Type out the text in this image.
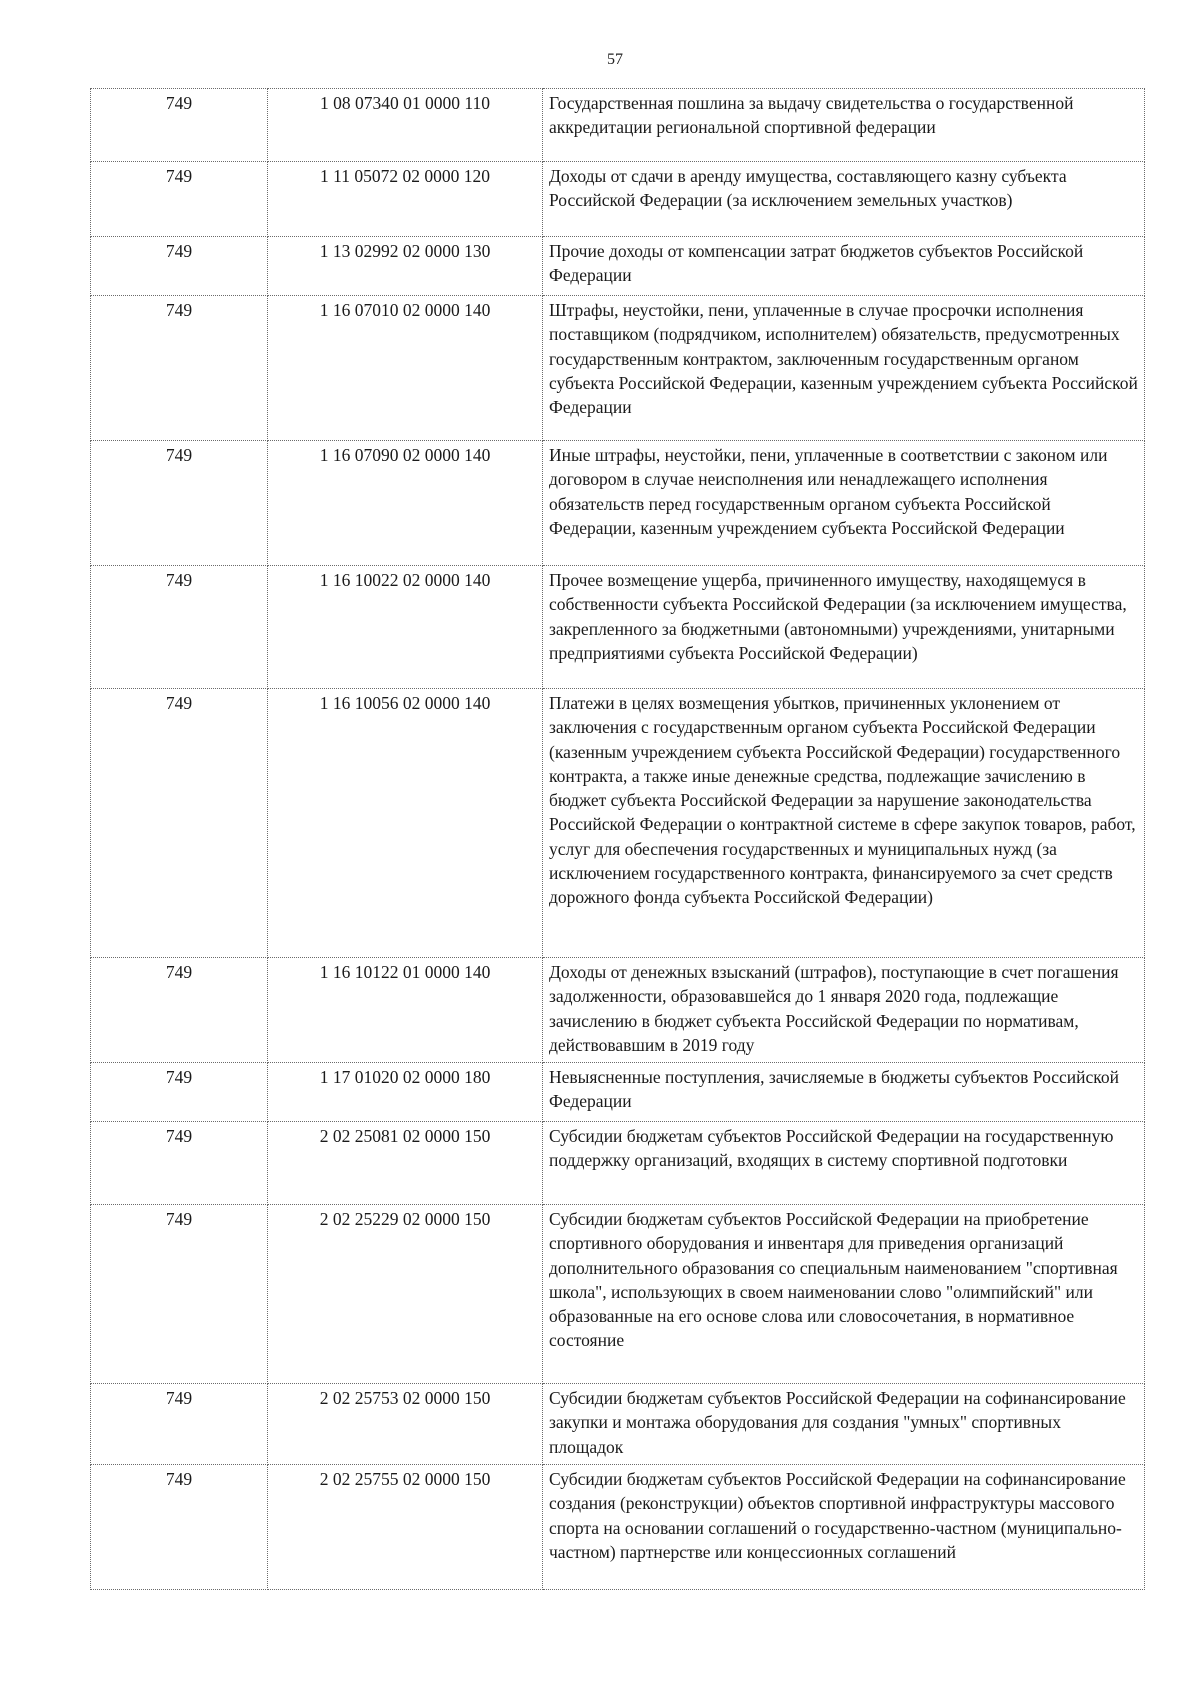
57
749	1 08 07340 01 0000 110	Государственная пошлина за выдачу свидетельства о государственной аккредитации региональной спортивной федерации
749	1 11 05072 02 0000 120	Доходы от сдачи в аренду имущества, составляющего казну субъекта Российской Федерации (за исключением земельных участков)
749	1 13 02992 02 0000 130	Прочие доходы от компенсации затрат бюджетов субъектов Российской Федерации
749	1 16 07010 02 0000 140	Штрафы, неустойки, пени, уплаченные в случае просрочки исполнения поставщиком (подрядчиком, исполнителем) обязательств, предусмотренных государственным контрактом, заключенным государственным органом субъекта Российской Федерации, казенным учреждением субъекта Российской Федерации
749	1 16 07090 02 0000 140	Иные штрафы, неустойки, пени, уплаченные в соответствии с законом или договором в случае неисполнения или ненадлежащего исполнения обязательств перед государственным органом субъекта Российской Федерации, казенным учреждением субъекта Российской Федерации
749	1 16 10022 02 0000 140	Прочее возмещение ущерба, причиненного имуществу, находящемуся в собственности субъекта Российской Федерации (за исключением имущества, закрепленного за бюджетными (автономными) учреждениями, унитарными предприятиями субъекта Российской Федерации)
749	1 16 10056 02 0000 140	Платежи в целях возмещения убытков, причиненных уклонением от заключения с государственным органом субъекта Российской Федерации (казенным учреждением субъекта Российской Федерации) государственного контракта, а также иные денежные средства, подлежащие зачислению в бюджет субъекта Российской Федерации за нарушение законодательства Российской Федерации о контрактной системе в сфере закупок товаров, работ, услуг для обеспечения государственных и муниципальных нужд (за исключением государственного контракта, финансируемого за счет средств дорожного фонда субъекта Российской Федерации)
749	1 16 10122 01 0000 140	Доходы от денежных взысканий (штрафов), поступающие в счет погашения задолженности, образовавшейся до 1 января 2020 года, подлежащие зачислению в бюджет субъекта Российской Федерации по нормативам, действовавшим в 2019 году
749	1 17 01020 02 0000 180	Невыясненные поступления, зачисляемые в бюджеты субъектов Российской Федерации
749	2 02 25081 02 0000 150	Субсидии бюджетам субъектов Российской Федерации на государственную поддержку организаций, входящих в систему спортивной подготовки
749	2 02 25229 02 0000 150	Субсидии бюджетам субъектов Российской Федерации на приобретение спортивного оборудования и инвентаря для приведения организаций дополнительного образования со специальным наименованием "спортивная школа", использующих в своем наименовании слово "олимпийский" или образованные на его основе слова или словосочетания, в нормативное состояние
749	2 02 25753 02 0000 150	Субсидии бюджетам субъектов Российской Федерации на софинансирование закупки и монтажа оборудования для создания "умных" спортивных площадок
749	2 02 25755 02 0000 150	Субсидии бюджетам субъектов Российской Федерации на софинансирование создания (реконструкции) объектов спортивной инфраструктуры массового спорта на основании соглашений о государственно-частном (муниципально-частном) партнерстве или концессионных соглашений
